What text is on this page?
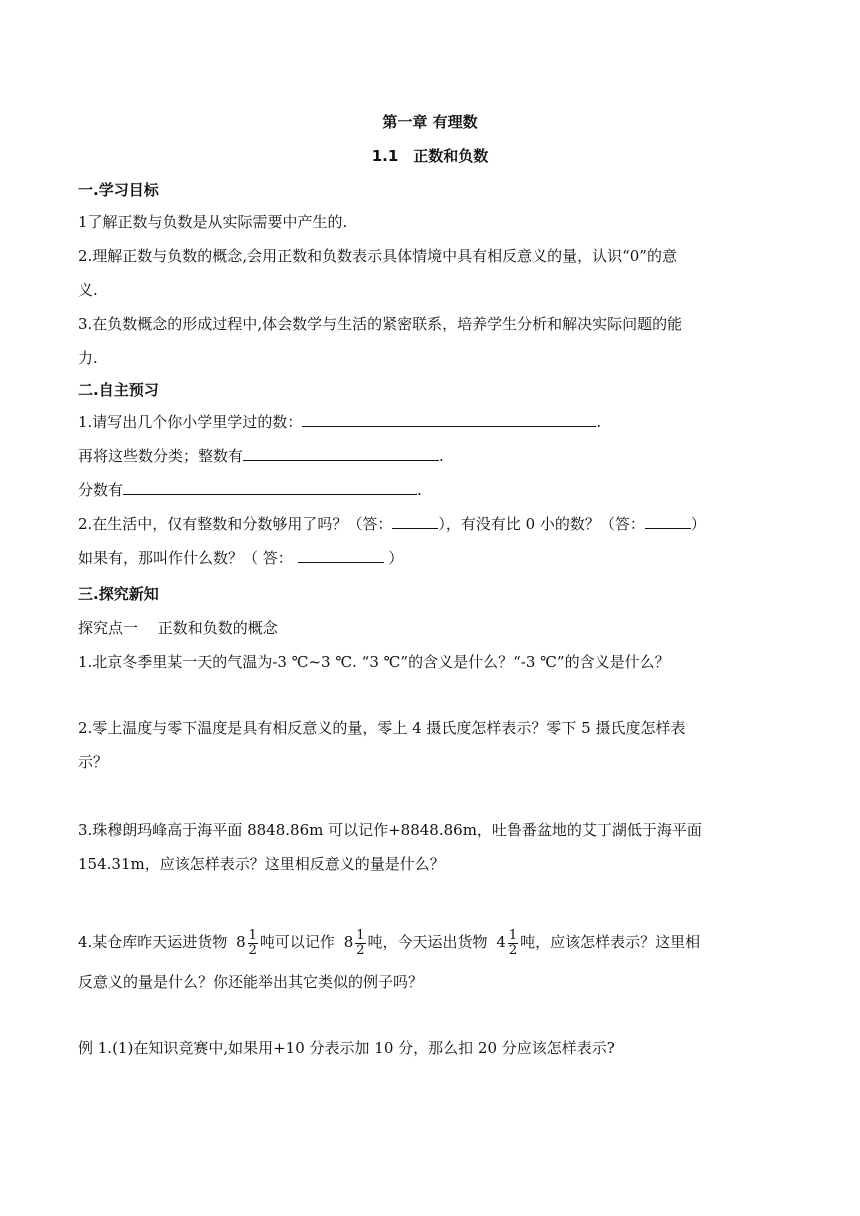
第一章 有理数
1.1　正数和负数
一.学习目标
1了解正数与负数是从实际需要中产生的.
2.理解正数与负数的概念,会用正数和负数表示具体情境中具有相反意义的量，认识“0”的意
义.
3.在负数概念的形成过程中,体会数学与生活的紧密联系，培养学生分析和解决实际问题的能
力.
二.自主预习
1.请写出几个你小学里学过的数：	.
再将这些数分类；整数有	.
分数有	.
2.在生活中，仅有整数和分数够用了吗？（答：	），有没有比 0 小的数？（答：	）
如果有，那叫作什么数？（ 答：	）
三.探究新知
探究点一　 正数和负数的概念
1.北京冬季里某一天的气温为-3 ℃~3 ℃. “3 ℃”的含义是什么？“-3 ℃”的含义是什么？
2.零上温度与零下温度是具有相反意义的量，零上 4 摄氏度怎样表示？零下 5 摄氏度怎样表
示？
3.珠穆朗玛峰高于海平面 8848.86m 可以记作+8848.86m，吐鲁番盆地的艾丁湖低于海平面
154.31m，应该怎样表示？这里相反意义的量是什么？
4.某仓库昨天运进货物 $8 \frac{1}{2}$ 吨可以记作 $8 \frac{1}{2}$ 吨，今天运出货物 $4 \frac{1}{2}$ 吨，应该怎样表示？这里相
反意义的量是什么？你还能举出其它类似的例子吗？
例 1.(1)在知识竞赛中,如果用+10 分表示加 10 分，那么扣 20 分应该怎样表示?
